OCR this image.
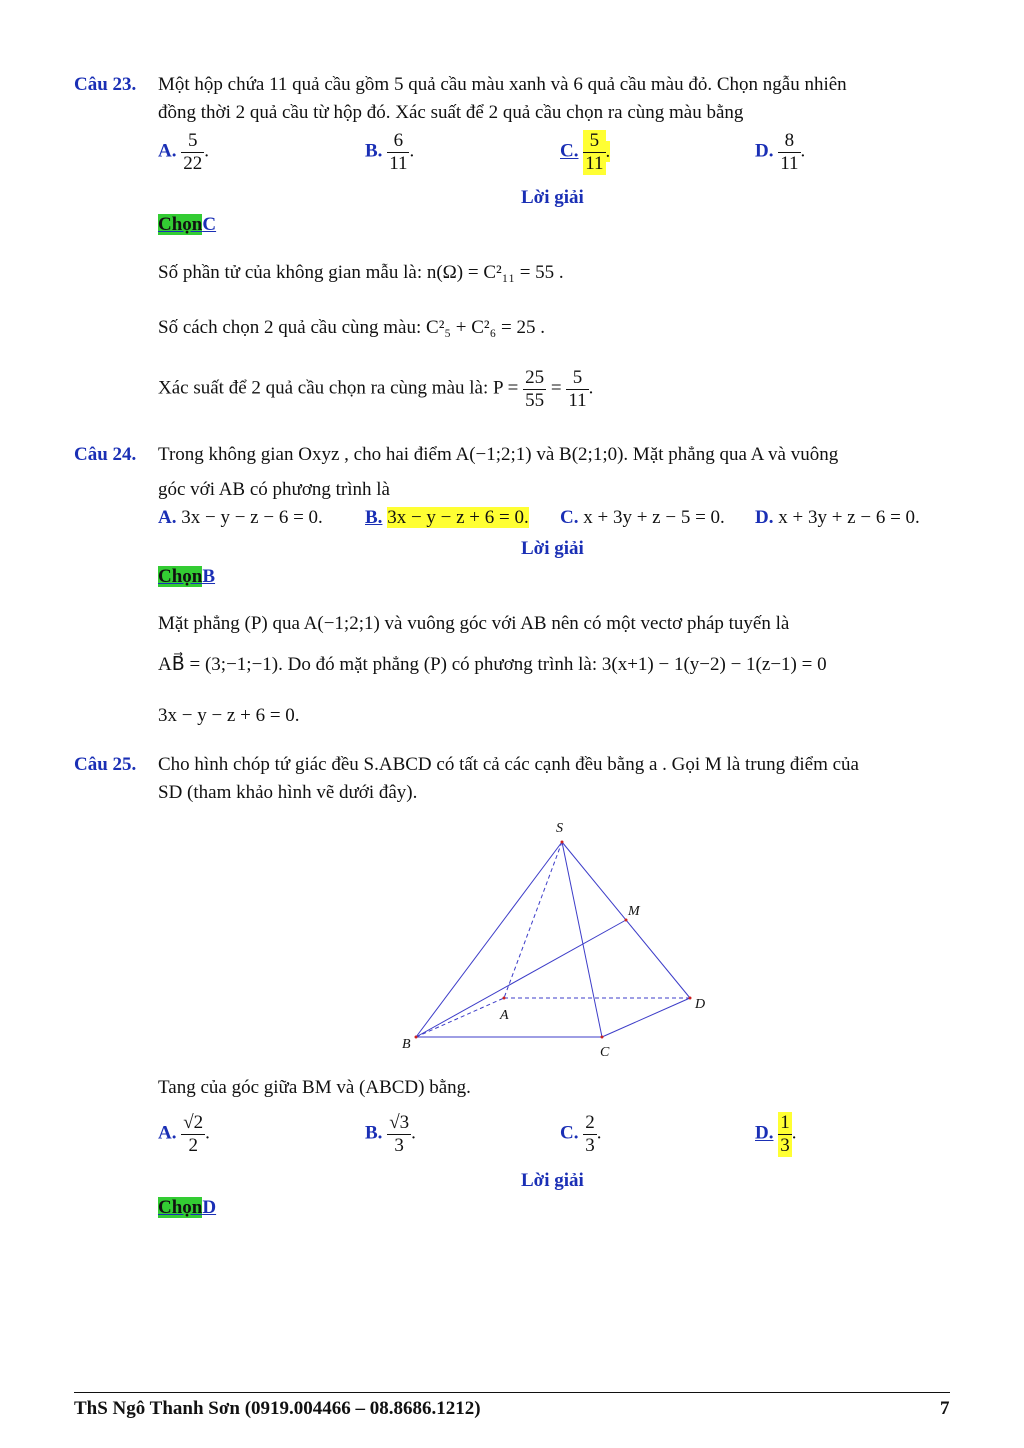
Câu 23. Một hộp chứa 11 quả cầu gồm 5 quả cầu màu xanh và 6 quả cầu màu đỏ. Chọn ngẫu nhiên
đồng thời 2 quả cầu từ hộp đó. Xác suất để 2 quả cầu chọn ra cùng màu bằng
A. $\frac{5}{22}$ .	B. $\frac{6}{11}$ .	C. $\frac{5}{11}$ .	D. $\frac{8}{11}$ .
Lời giải
ChọnC
Số phần tử của không gian mẫu là: n(Ω) = C²₁₁ = 55 .
Số cách chọn 2 quả cầu cùng màu: C²₅ + C²₆ = 25 .
Xác suất để 2 quả cầu chọn ra cùng màu là: $P = \frac{25}{55} = \frac{5}{11}$ .
Câu 24. Trong không gian Oxyz , cho hai điểm A(−1;2;1) và B(2;1;0). Mặt phẳng qua A và vuông
góc với AB có phương trình là
A. 3x − y − z − 6 = 0. B. 3x − y − z + 6 = 0. C. x + 3y + z − 5 = 0. D. x + 3y + z − 6 = 0.
Lời giải
ChọnB
Mặt phẳng (P) qua A(−1;2;1) và vuông góc với AB nên có một vectơ pháp tuyến là
AB⃗ = (3;−1;−1). Do đó mặt phẳng (P) có phương trình là: 3(x+1) − 1(y−2) − 1(z−1) = 0
3x − y − z + 6 = 0.
Câu 25. Cho hình chóp tứ giác đều S.ABCD có tất cả các cạnh đều bằng a . Gọi M là trung điểm của
SD (tham khảo hình vẽ dưới đây).
S
M
A
B
C
D
Tang của góc giữa BM và (ABCD) bằng.
A. $\frac{√2}{2}$ .	B. $\frac{√3}{3}$ .	C. $\frac{2}{3}$ .	D. $\frac{1}{3}$ .
Lời giải
ChọnD
ThS Ngô Thanh Sơn (0919.004466 – 08.8686.1212)	7
